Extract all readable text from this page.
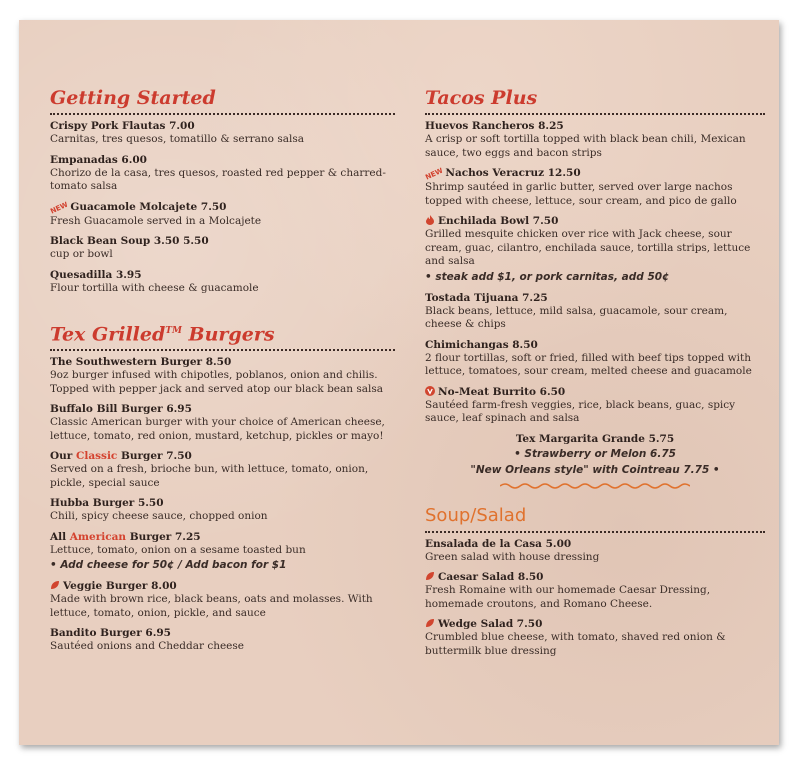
Getting Started
Crispy Pork Flautas 7.00
Carnitas, tres quesos, tomatillo & serrano salsa
Empanadas 6.00
Chorizo de la casa, tres quesos, roasted red pepper & charred-tomato salsa
NEWGuacamole Molcajete 7.50
Fresh Guacamole served in a Molcajete
Black Bean Soup 3.50 5.50
cup or bowl
Quesadilla 3.95
Flour tortilla with cheese & guacamole
Tex Grilled™ Burgers
The Southwestern Burger 8.50
9oz burger infused with chipotles, poblanos, onion and chilis. Topped with pepper jack and served atop our black bean salsa
Buffalo Bill Burger 6.95
Classic American burger with your choice of American cheese, lettuce, tomato, red onion, mustard, ketchup, pickles or mayo!
Our Classic Burger 7.50
Served on a fresh, brioche bun, with lettuce, tomato, onion, pickle, special sauce
Hubba Burger 5.50
Chili, spicy cheese sauce, chopped onion
All American Burger 7.25
Lettuce, tomato, onion on a sesame toasted bun
• Add cheese for 50¢ / Add bacon for $1
Veggie Burger 8.00
Made with brown rice, black beans, oats and molasses. With lettuce, tomato, onion, pickle, and sauce
Bandito Burger 6.95
Sautéed onions and Cheddar cheese
Tacos Plus
Huevos Rancheros 8.25
A crisp or soft tortilla topped with black bean chili, Mexican sauce, two eggs and bacon strips
NEWNachos Veracruz 12.50
Shrimp sautéed in garlic butter, served over large nachos topped with cheese, lettuce, sour cream, and pico de gallo
Enchilada Bowl 7.50
Grilled mesquite chicken over rice with Jack cheese, sour cream, guac, cilantro, enchilada sauce, tortilla strips, lettuce and salsa
• steak add $1, or pork carnitas, add 50¢
Tostada Tijuana 7.25
Black beans, lettuce, mild salsa, guacamole, sour cream, cheese & chips
Chimichangas 8.50
2 flour tortillas, soft or fried, filled with beef tips topped with lettuce, tomatoes, sour cream, melted cheese and guacamole
No-Meat Burrito 6.50
Sautéed farm-fresh veggies, rice, black beans, guac, spicy sauce, leaf spinach and salsa
Tex Margarita Grande 5.75
• Strawberry or Melon 6.75
"New Orleans style" with Cointreau 7.75 •
Soup/Salad
Ensalada de la Casa 5.00
Green salad with house dressing
Caesar Salad 8.50
Fresh Romaine with our homemade Caesar Dressing, homemade croutons, and Romano Cheese.
Wedge Salad 7.50
Crumbled blue cheese, with tomato, shaved red onion & buttermilk blue dressing
